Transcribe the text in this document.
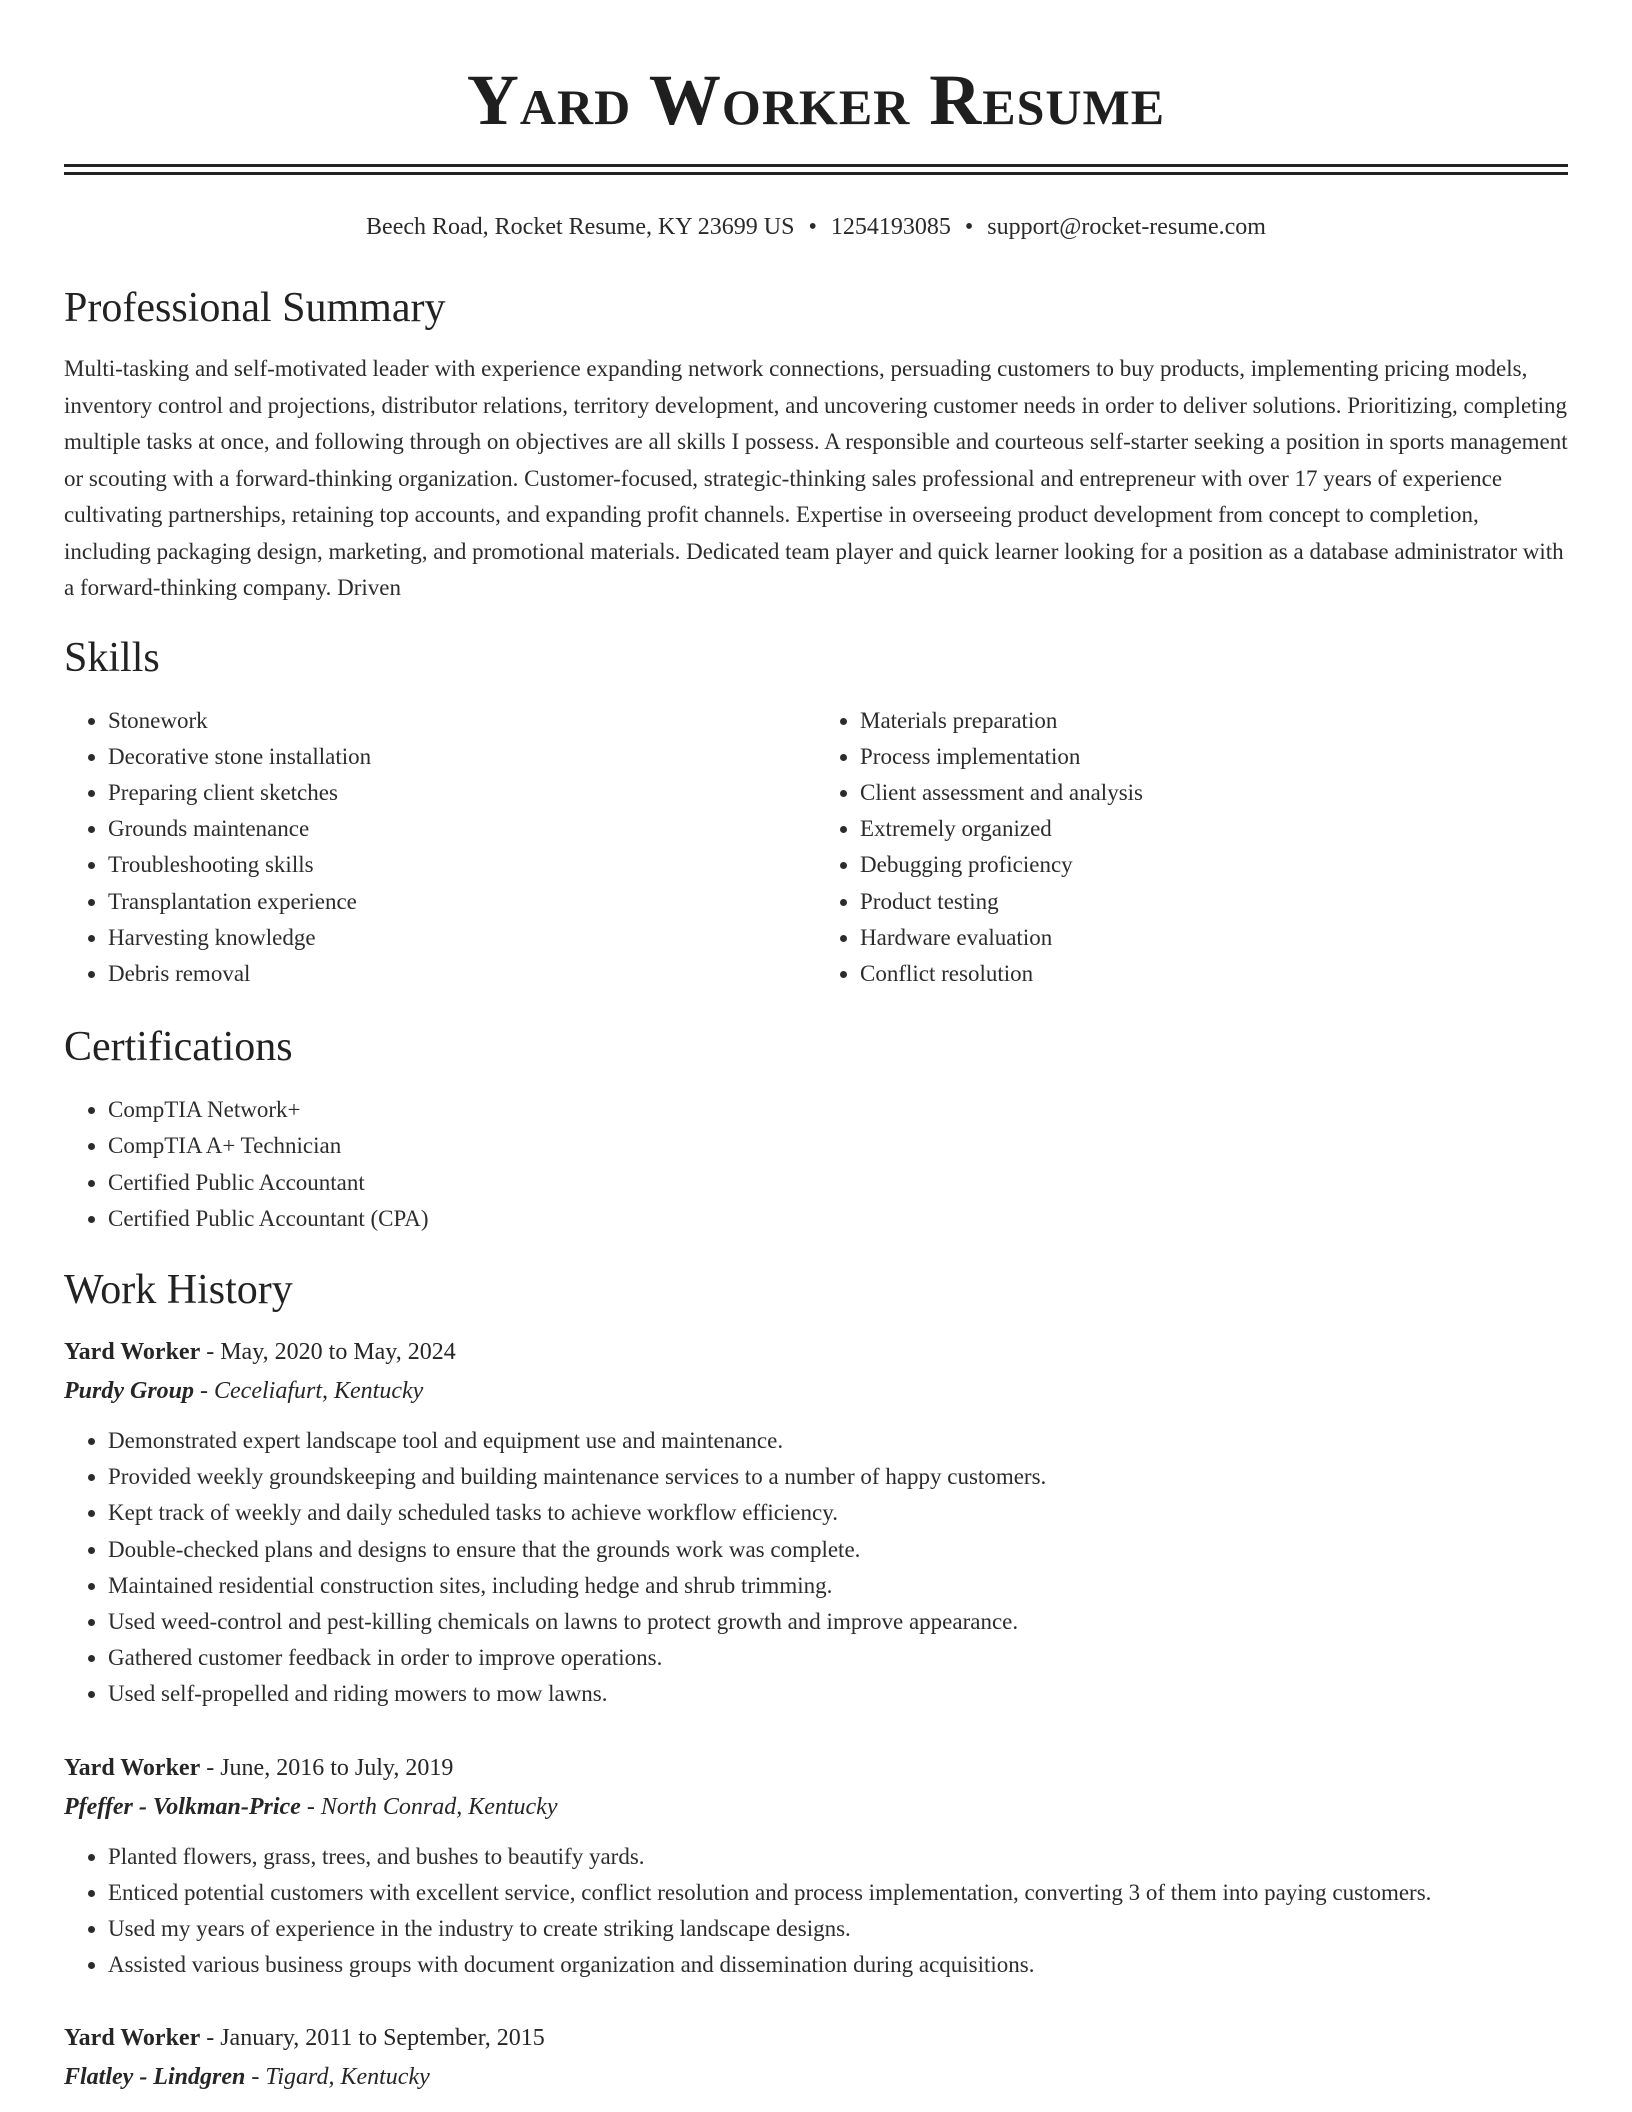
Yard Worker Resume
Beech Road, Rocket Resume, KY 23699 US • 1254193085 • support@rocket-resume.com
Professional Summary
Multi-tasking and self-motivated leader with experience expanding network connections, persuading customers to buy products, implementing pricing models, inventory control and projections, distributor relations, territory development, and uncovering customer needs in order to deliver solutions. Prioritizing, completing multiple tasks at once, and following through on objectives are all skills I possess. A responsible and courteous self-starter seeking a position in sports management or scouting with a forward-thinking organization. Customer-focused, strategic-thinking sales professional and entrepreneur with over 17 years of experience cultivating partnerships, retaining top accounts, and expanding profit channels. Expertise in overseeing product development from concept to completion, including packaging design, marketing, and promotional materials. Dedicated team player and quick learner looking for a position as a database administrator with a forward-thinking company. Driven
Skills
• Stonework
• Decorative stone installation
• Preparing client sketches
• Grounds maintenance
• Troubleshooting skills
• Transplantation experience
• Harvesting knowledge
• Debris removal
• Materials preparation
• Process implementation
• Client assessment and analysis
• Extremely organized
• Debugging proficiency
• Product testing
• Hardware evaluation
• Conflict resolution
Certifications
• CompTIA Network+
• CompTIA A+ Technician
• Certified Public Accountant
• Certified Public Accountant (CPA)
Work History
Yard Worker - May, 2020 to May, 2024
Purdy Group - Ceceliafurt, Kentucky
• Demonstrated expert landscape tool and equipment use and maintenance.
• Provided weekly groundskeeping and building maintenance services to a number of happy customers.
• Kept track of weekly and daily scheduled tasks to achieve workflow efficiency.
• Double-checked plans and designs to ensure that the grounds work was complete.
• Maintained residential construction sites, including hedge and shrub trimming.
• Used weed-control and pest-killing chemicals on lawns to protect growth and improve appearance.
• Gathered customer feedback in order to improve operations.
• Used self-propelled and riding mowers to mow lawns.
Yard Worker - June, 2016 to July, 2019
Pfeffer - Volkman-Price - North Conrad, Kentucky
• Planted flowers, grass, trees, and bushes to beautify yards.
• Enticed potential customers with excellent service, conflict resolution and process implementation, converting 3 of them into paying customers.
• Used my years of experience in the industry to create striking landscape designs.
• Assisted various business groups with document organization and dissemination during acquisitions.
Yard Worker - January, 2011 to September, 2015
Flatley - Lindgren - Tigard, Kentucky
